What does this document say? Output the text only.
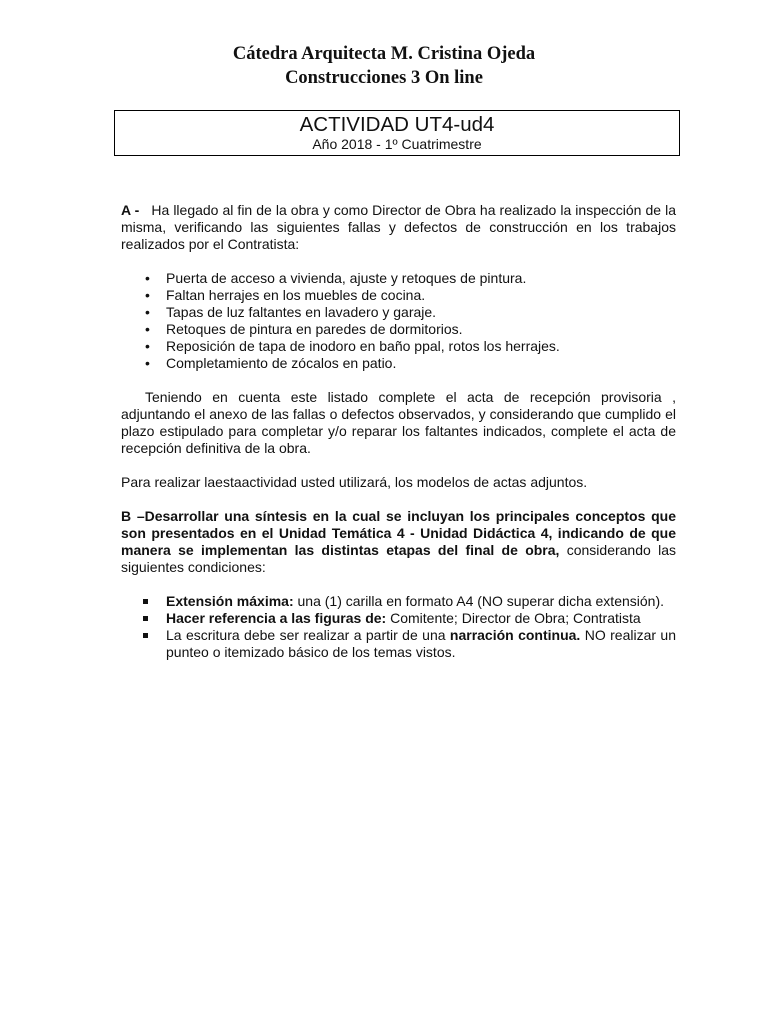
Cátedra Arquitecta M. Cristina Ojeda
Construcciones 3 On line
ACTIVIDAD UT4-ud4
Año 2018 - 1º Cuatrimestre

A -   Ha llegado al fin de la obra y como Director de Obra ha realizado la inspección de la misma, verificando las siguientes fallas y defectos de construcción en los trabajos realizados por el Contratista:

•	Puerta de acceso a vivienda, ajuste y retoques de pintura.
•	Faltan herrajes en los muebles de cocina.
•	Tapas de luz faltantes en lavadero y garaje.
•	Retoques de pintura en paredes de dormitorios.
•	Reposición de tapa de inodoro en baño ppal, rotos los herrajes.
•	Completamiento de zócalos en patio.

Teniendo en cuenta este listado complete el acta de recepción provisoria , adjuntando el anexo de las fallas o defectos observados, y considerando que cumplido el plazo estipulado para completar y/o reparar los faltantes indicados, complete el acta de recepción definitiva de la obra.

Para realizar laestaactividad usted utilizará, los modelos de actas adjuntos.

B –Desarrollar una síntesis en la cual se incluyan los principales conceptos que son presentados en el Unidad Temática 4 - Unidad Didáctica 4, indicando de que manera se implementan las distintas etapas del final de obra, considerando las siguientes condiciones:

Extensión máxima: una (1) carilla en formato A4 (NO superar dicha extensión).
Hacer referencia a las figuras de: Comitente; Director de Obra; Contratista
La escritura debe ser realizar a partir de una narración continua. NO realizar un punteo o itemizado básico de los temas vistos.
